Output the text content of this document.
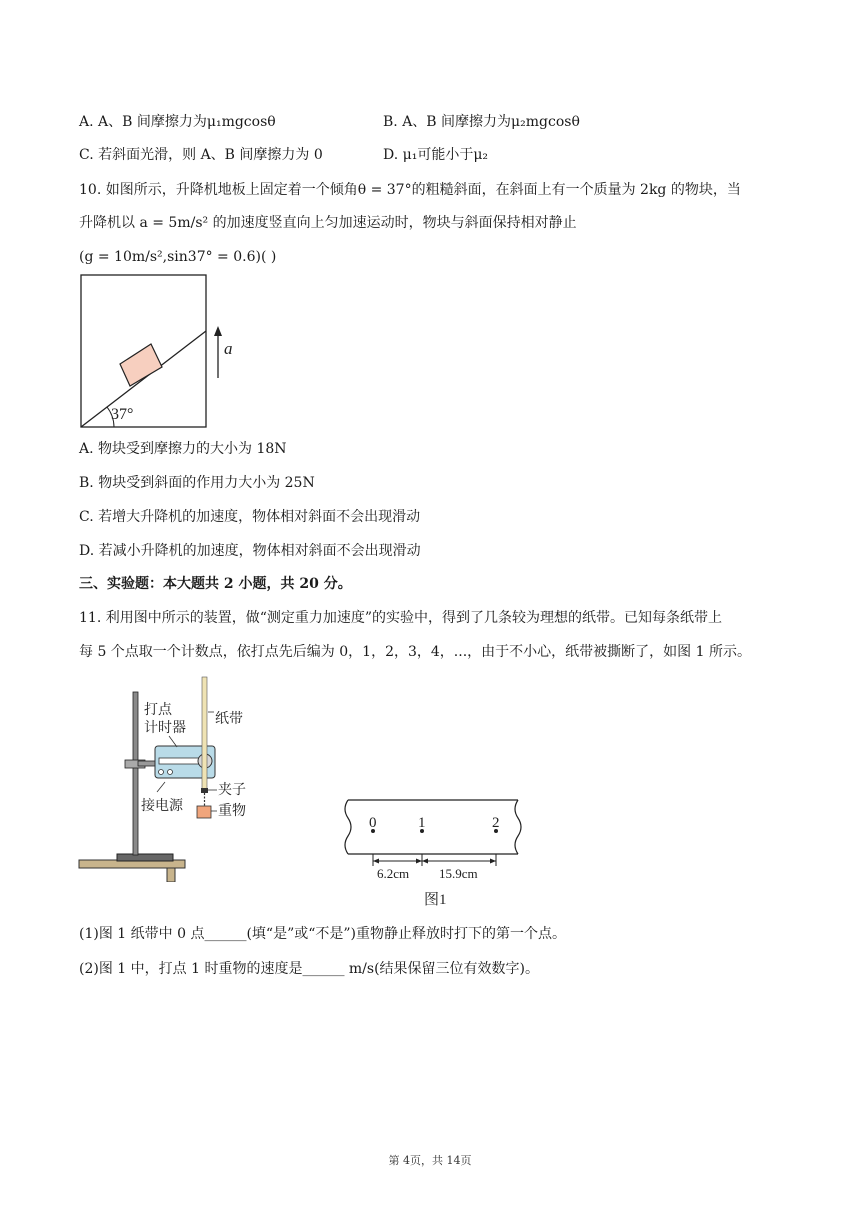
A. A、B 间摩擦力为μ₁mgcosθ	B. A、B 间摩擦力为μ₂mgcosθ
C. 若斜面光滑，则 A、B 间摩擦力为 0	D. μ₁可能小于μ₂
10. 如图所示，升降机地板上固定着一个倾角θ = 37°的粗糙斜面，在斜面上有一个质量为 2kg 的物块，当
升降机以 a = 5m/s² 的加速度竖直向上匀加速运动时，物块与斜面保持相对静止
(g = 10m/s²,sin37° = 0.6)( )
37°
a
A. 物块受到摩擦力的大小为 18N
B. 物块受到斜面的作用力大小为 25N
C. 若增大升降机的加速度，物体相对斜面不会出现滑动
D. 若减小升降机的加速度，物体相对斜面不会出现滑动
三、实验题：本大题共 2 小题，共 20 分。
11. 利用图中所示的装置，做“测定重力加速度”的实验中，得到了几条较为理想的纸带。已知每条纸带上
每 5 个点取一个计数点，依打点先后编为 0，1，2，3，4，...，由于不小心，纸带被撕断了，如图 1 所示。
打点
计时器
纸带
夹子
接电源	重物
0	1	2
6.2cm 15.9cm
图1
(1)图 1 纸带中 0 点______(填“是”或“不是”)重物静止释放时打下的第一个点。
(2)图 1 中，打点 1 时重物的速度是______ m/s(结果保留三位有效数字)。
第 4页，共 14页
